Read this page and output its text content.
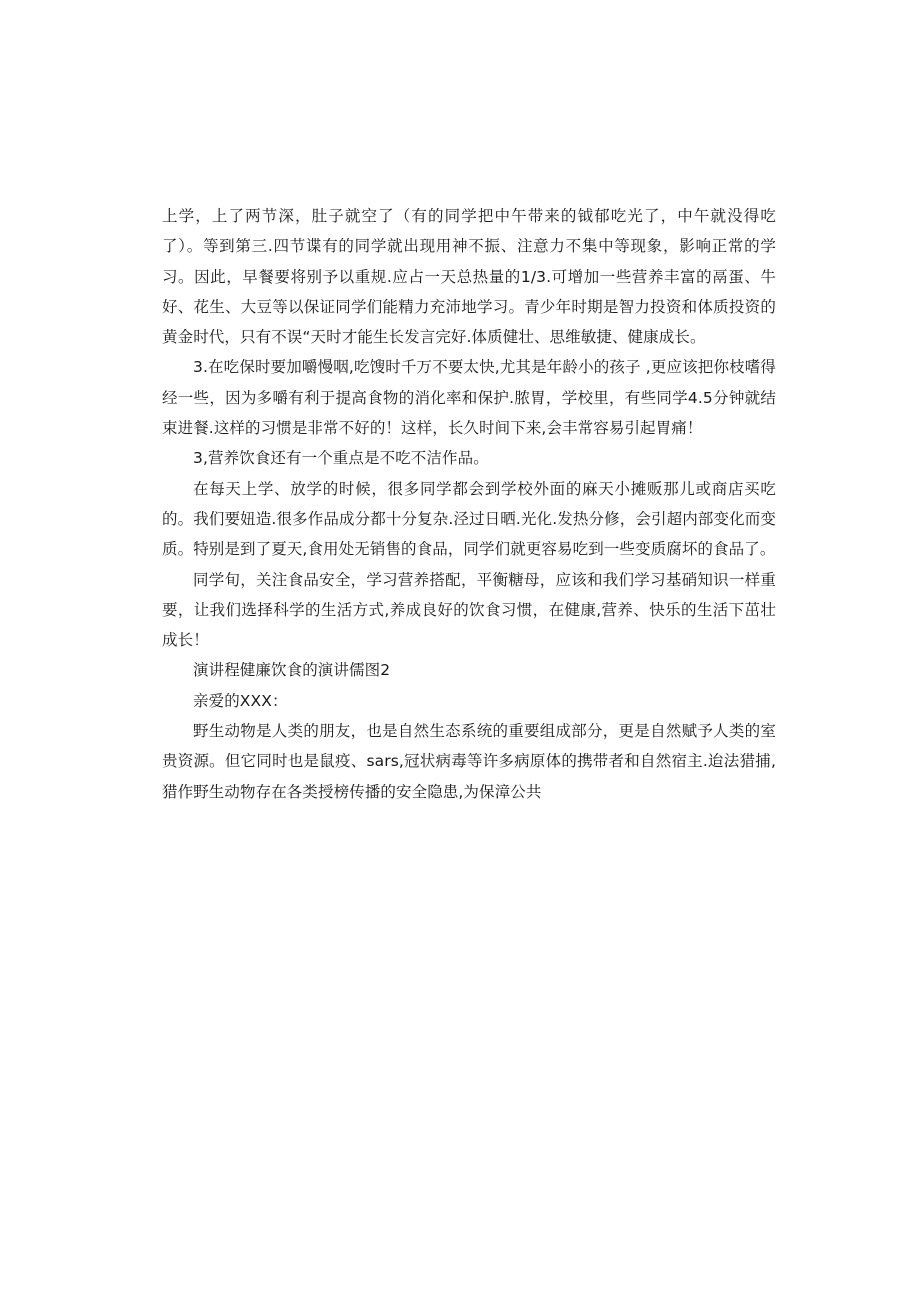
上学，上了两节深，肚子就空了（有的同学把中午带来的钺郁吃光了，中午就没得吃了）。等到第三.四节谍有的同学就出现用神不振、注意力不集中等现象，影响正常的学习。因此，早餐要将别予以重规.应占一天总热量的1/3.可增加一些营养丰富的鬲蛋、牛好、花生、大豆等以保证同学们能精力充沛地学习。青少年时期是智力投资和体质投资的黄金时代，只有不误“天时才能生长发言完好.体质健壮、思维敏捷、健康成长。

3.在吃保时要加嚼慢咽,吃馊时千万不要太快,尤其是年龄小的孩子 ,更应该把你枝嗜得经一些，因为多嚼有利于提高食物的消化率和保护.脓胃，学校里，有些同学4.5分钟就结束进餐.这样的习惯是非常不好的！这样，长久时间下来,会丰常容易引起胃痛！

3,营养饮食还有一个重点是不吃不洁作品。

在每天上学、放学的时候，很多同学都会到学校外面的麻天小摊贩那儿或商店买吃的。我们要妞造.很多作品成分都十分复杂.泾过日晒.光化.发热分修，会引超内部变化而变质。特别是到了夏天,食用处无销售的食品，同学们就更容易吃到一些变质腐坏的食品了。

同学旬，关注食品安全，学习营养搭配，平衡糖母，应该和我们学习基硝知识一样重要，让我们选择科学的生活方式,养成良好的饮食习惯，在健康,营养、快乐的生活下茁壮成长！

演讲程健廉饮食的演讲儒图2

亲爱的XXX：

野生动物是人类的朋友，也是自然生态系统的重要组成部分，更是自然赋予人类的室贵资源。但它同时也是鼠疫、sars,冠状病毒等许多病原体的携带者和自然宿主.迨法猎捕,猎作野生动物存在各类授榜传播的安全隐患,为保漳公共
